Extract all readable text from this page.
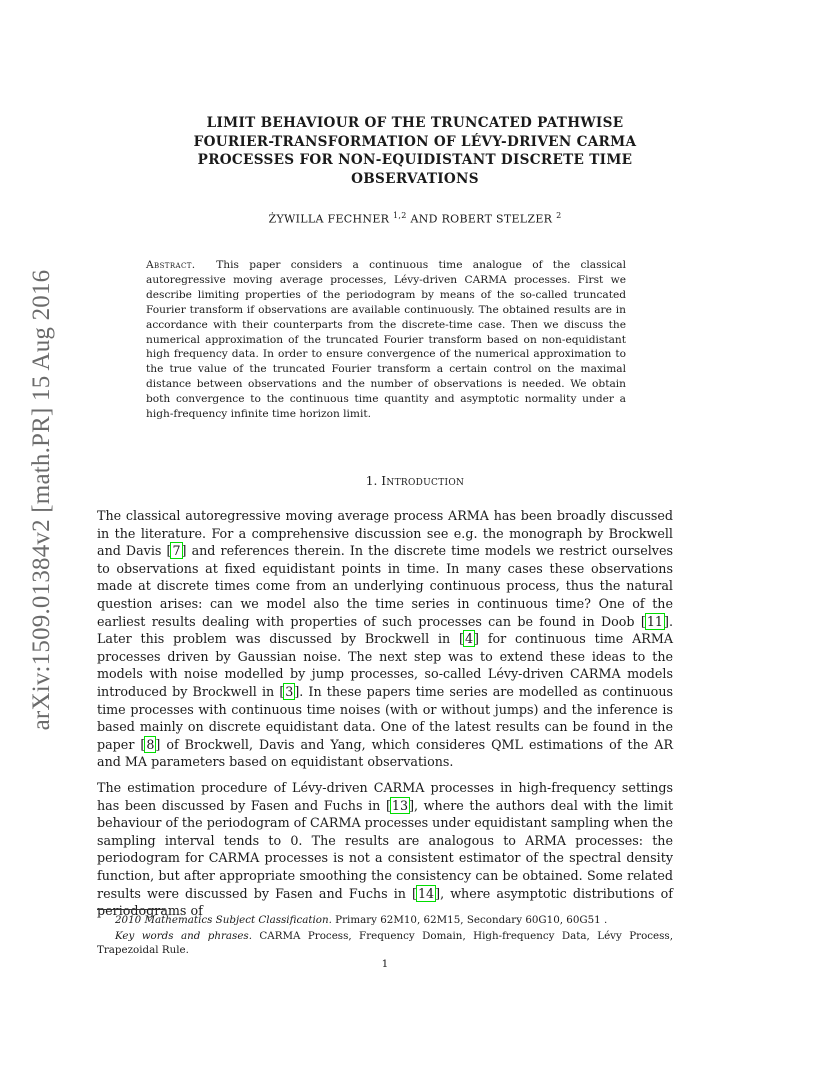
arXiv:1509.01384v2 [math.PR] 15 Aug 2016
LIMIT BEHAVIOUR OF THE TRUNCATED PATHWISE
FOURIER-TRANSFORMATION OF LÉVY-DRIVEN CARMA
PROCESSES FOR NON-EQUIDISTANT DISCRETE TIME
OBSERVATIONS
ŻYWILLA FECHNER $^{1,2}$ AND ROBERT STELZER $^2$

Abstract. This paper considers a continuous time analogue of the classical autoregressive moving average processes, Lévy-driven CARMA processes. First we describe limiting properties of the periodogram by means of the so-called truncated Fourier transform if observations are available continuously. The obtained results are in accordance with their counterparts from the discrete-time case. Then we discuss the numerical approximation of the truncated Fourier transform based on non-equidistant high frequency data. In order to ensure convergence of the numerical approximation to the true value of the truncated Fourier transform a certain control on the maximal distance between observations and the number of observations is needed. We obtain both convergence to the continuous time quantity and asymptotic normality under a high-frequency infinite time horizon limit.

1. Introduction

The classical autoregressive moving average process ARMA has been broadly discussed in the literature. For a comprehensive discussion see e.g. the monograph by Brockwell and Davis [7] and references therein. In the discrete time models we restrict ourselves to observations at fixed equidistant points in time. In many cases these observations made at discrete times come from an underlying continuous process, thus the natural question arises: can we model also the time series in continuous time? One of the earliest results dealing with properties of such processes can be found in Doob [11]. Later this problem was discussed by Brockwell in [4] for continuous time ARMA processes driven by Gaussian noise. The next step was to extend these ideas to the models with noise modelled by jump processes, so-called Lévy-driven CARMA models introduced by Brockwell in [3]. In these papers time series are modelled as continuous time processes with continuous time noises (with or without jumps) and the inference is based mainly on discrete equidistant data. One of the latest results can be found in the paper [8] of Brockwell, Davis and Yang, which consideres QML estimations of the AR and MA parameters based on equidistant observations.

The estimation procedure of Lévy-driven CARMA processes in high-frequency settings has been discussed by Fasen and Fuchs in [13], where the authors deal with the limit behaviour of the periodogram of CARMA processes under equidistant sampling when the sampling interval tends to 0. The results are analogous to ARMA processes: the periodogram for CARMA processes is not a consistent estimator of the spectral density function, but after appropriate smoothing the consistency can be obtained. Some related results were discussed by Fasen and Fuchs in [14], where asymptotic distributions of periodograms of

2010 Mathematics Subject Classification. Primary 62M10, 62M15, Secondary 60G10, 60G51 .

Key words and phrases. CARMA Process, Frequency Domain, High-frequency Data, Lévy Process, Trapezoidal Rule.

1
